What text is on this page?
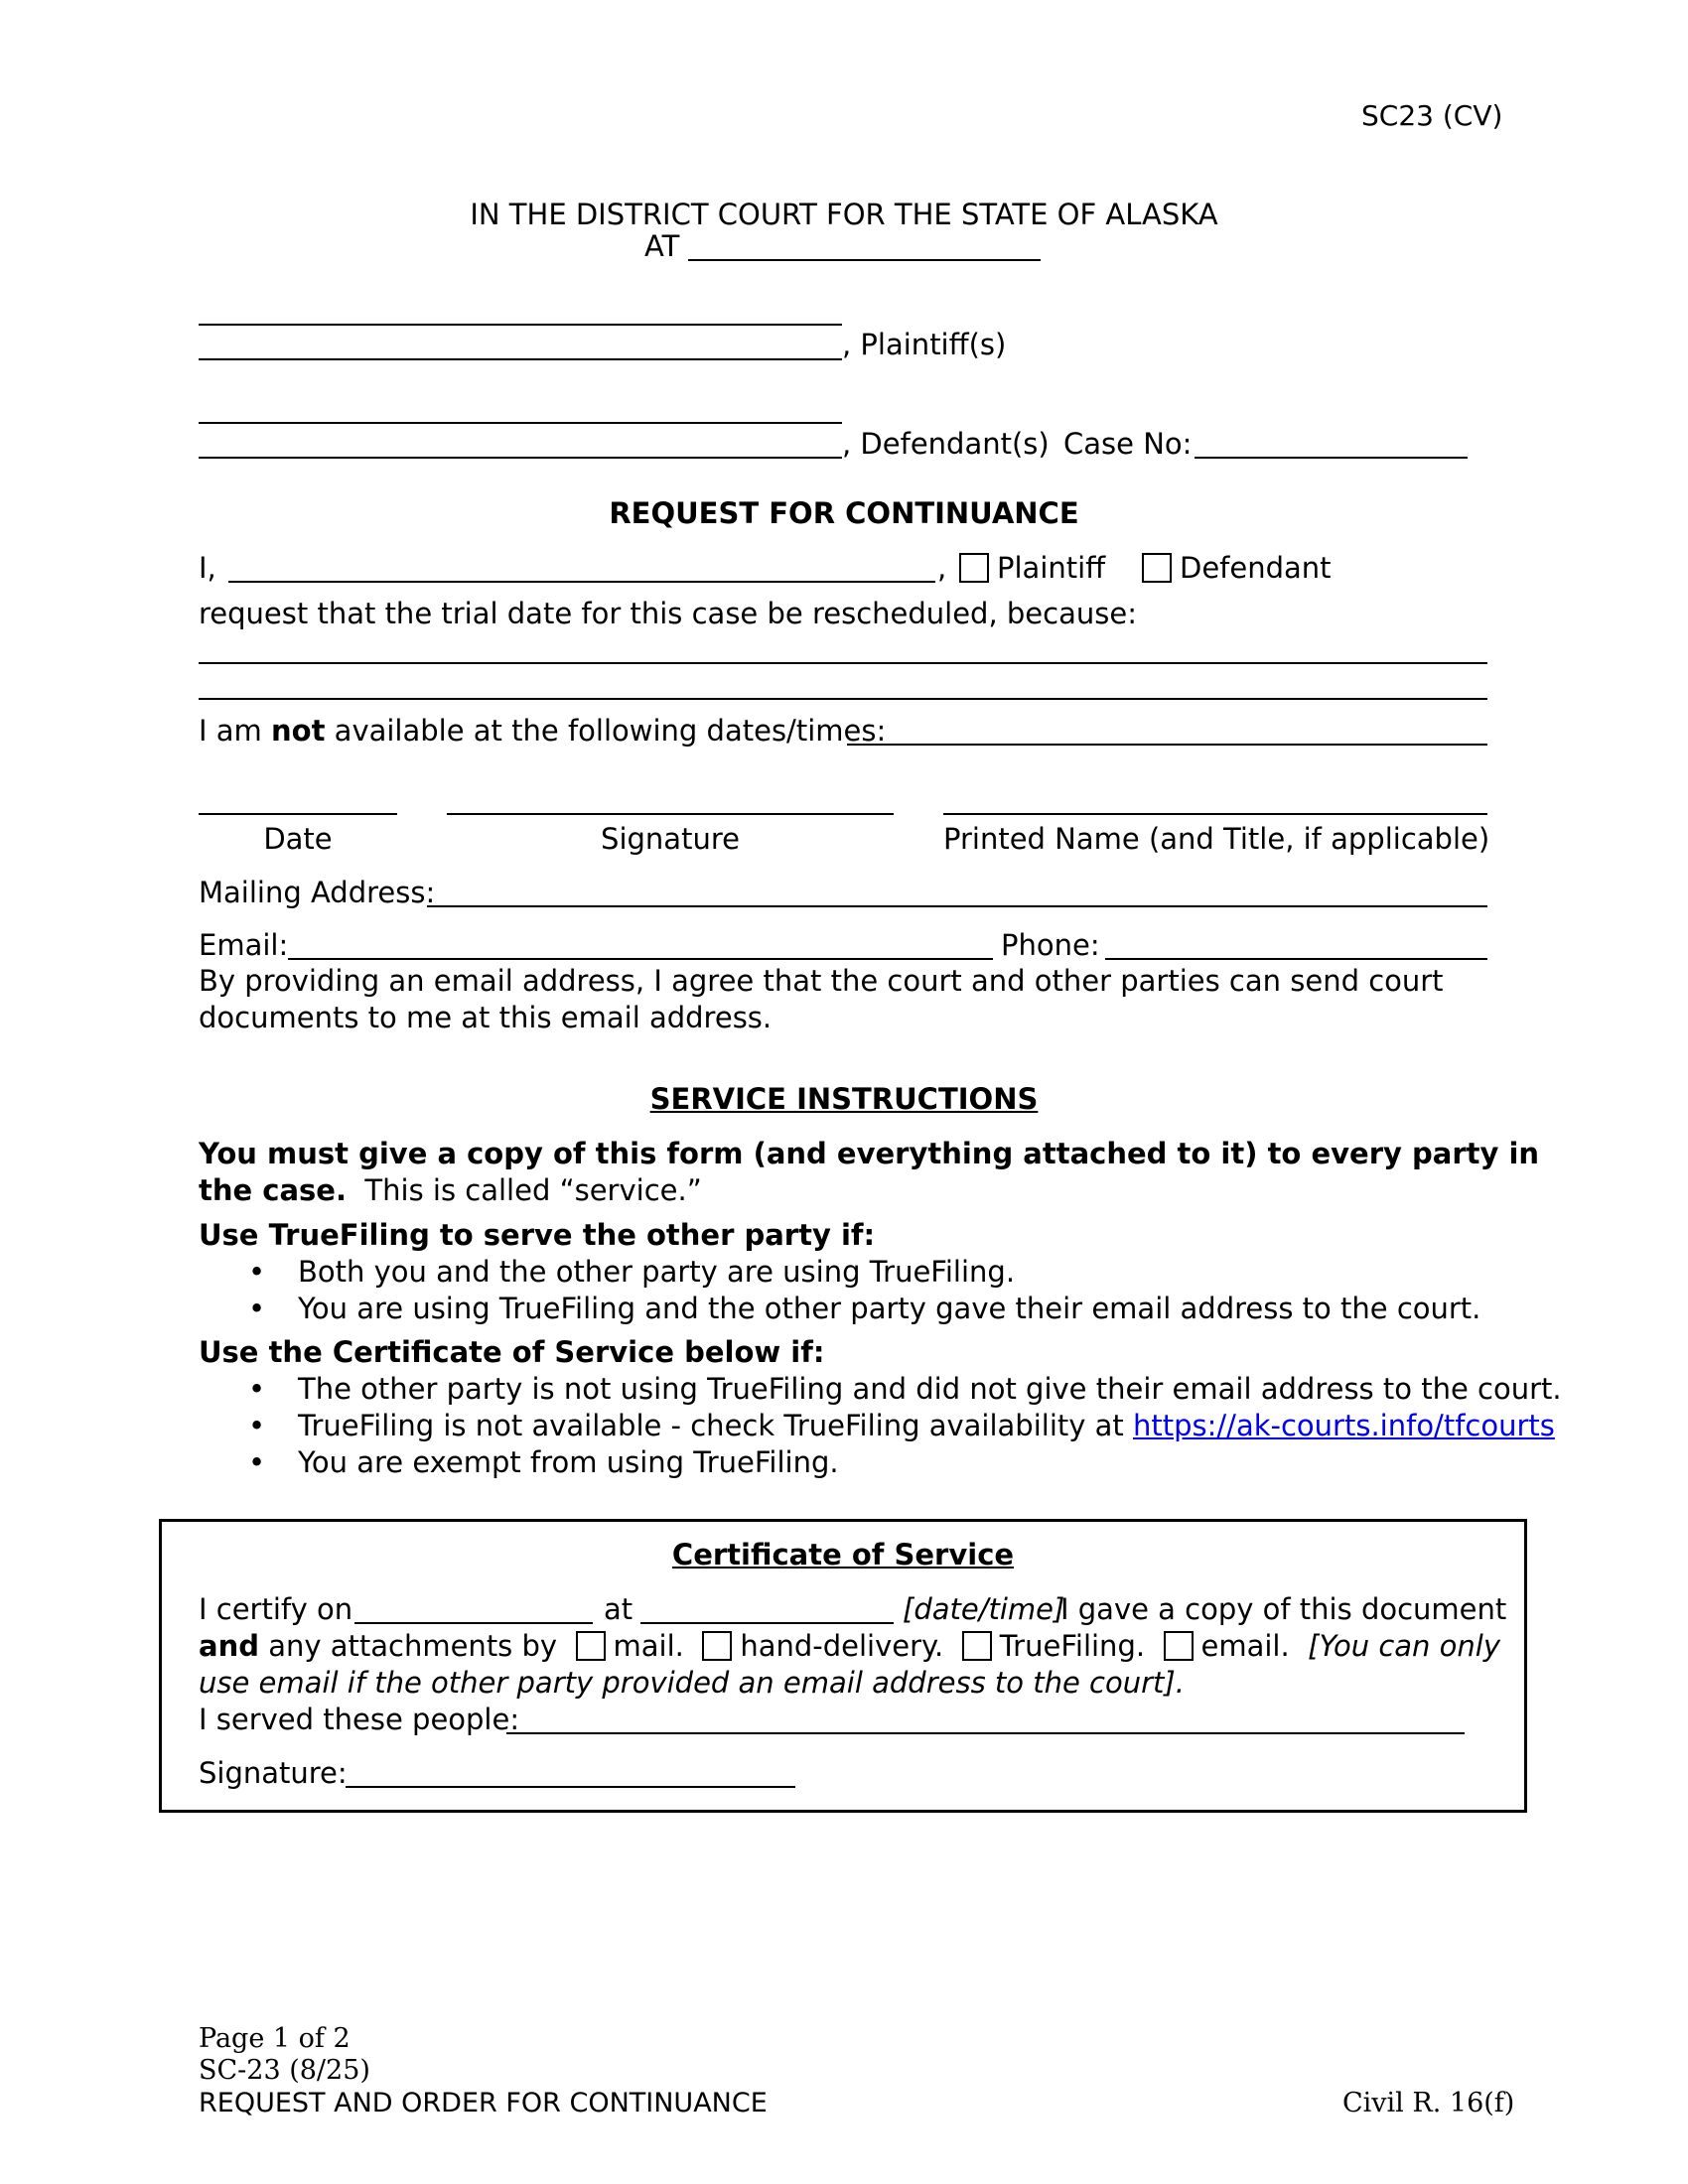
SC23 (CV)
IN THE DISTRICT COURT FOR THE STATE OF ALASKA
AT
, Plaintiff(s)
, Defendant(s) Case No:
REQUEST FOR CONTINUANCE
I,	,	Plaintiff	Defendant
request that the trial date for this case be rescheduled, because:
I am not available at the following dates/times:
Date	Signature	Printed Name (and Title, if applicable)
Mailing Address:
Email:	Phone:
By providing an email address, I agree that the court and other parties can send court
documents to me at this email address.
SERVICE INSTRUCTIONS
You must give a copy of this form (and everything attached to it) to every party in
the case. This is called “service.”
Use TrueFiling to serve the other party if:
• Both you and the other party are using TrueFiling.
• You are using TrueFiling and the other party gave their email address to the court.
Use the Certificate of Service below if:
• The other party is not using TrueFiling and did not give their email address to the court.
• TrueFiling is not available - check TrueFiling availability at https://ak-courts.info/tfcourts
• You are exempt from using TrueFiling.
Certificate of Service
I certify on	at	[date/time]
I gave a copy of this document
and any attachments by mail. hand-delivery. TrueFiling. email. [You can only
use email if the other party provided an email address to the court].
I served these people:
Signature:
Page 1 of 2
SC-23 (8/25)
REQUEST AND ORDER FOR CONTINUANCE	Civil R. 16(f)
